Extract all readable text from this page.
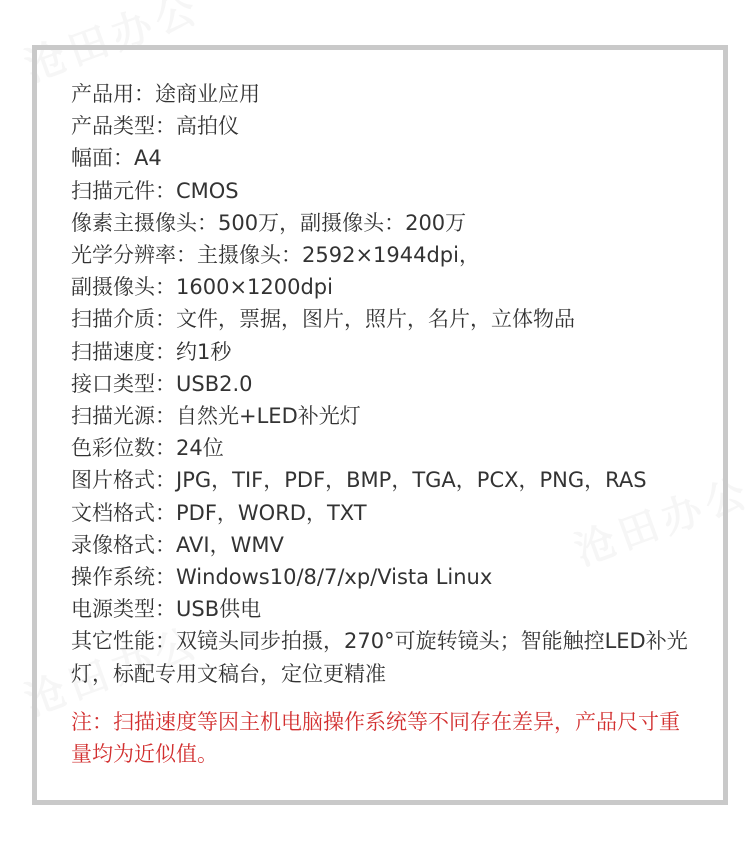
产品用：途商业应用
产品类型：高拍仪
幅面：A4
扫描元件：CMOS
像素主摄像头：500万，副摄像头：200万
光学分辨率：主摄像头：2592×1944dpi，
副摄像头：1600×1200dpi
扫描介质：文件，票据，图片，照片，名片，立体物品
扫描速度：约1秒
接口类型：USB2.0
扫描光源：自然光+LED补光灯
色彩位数：24位
图片格式：JPG，TIF，PDF，BMP，TGA，PCX，PNG，RAS
文档格式：PDF，WORD，TXT
录像格式：AVI，WMV
操作系统：Windows10/8/7/xp/Vista Linux
电源类型：USB供电
其它性能：双镜头同步拍摄，270°可旋转镜头；智能触控LED补光灯，标配专用文稿台，定位更精准
注：扫描速度等因主机电脑操作系统等不同存在差异，产品尺寸重量均为近似值。
